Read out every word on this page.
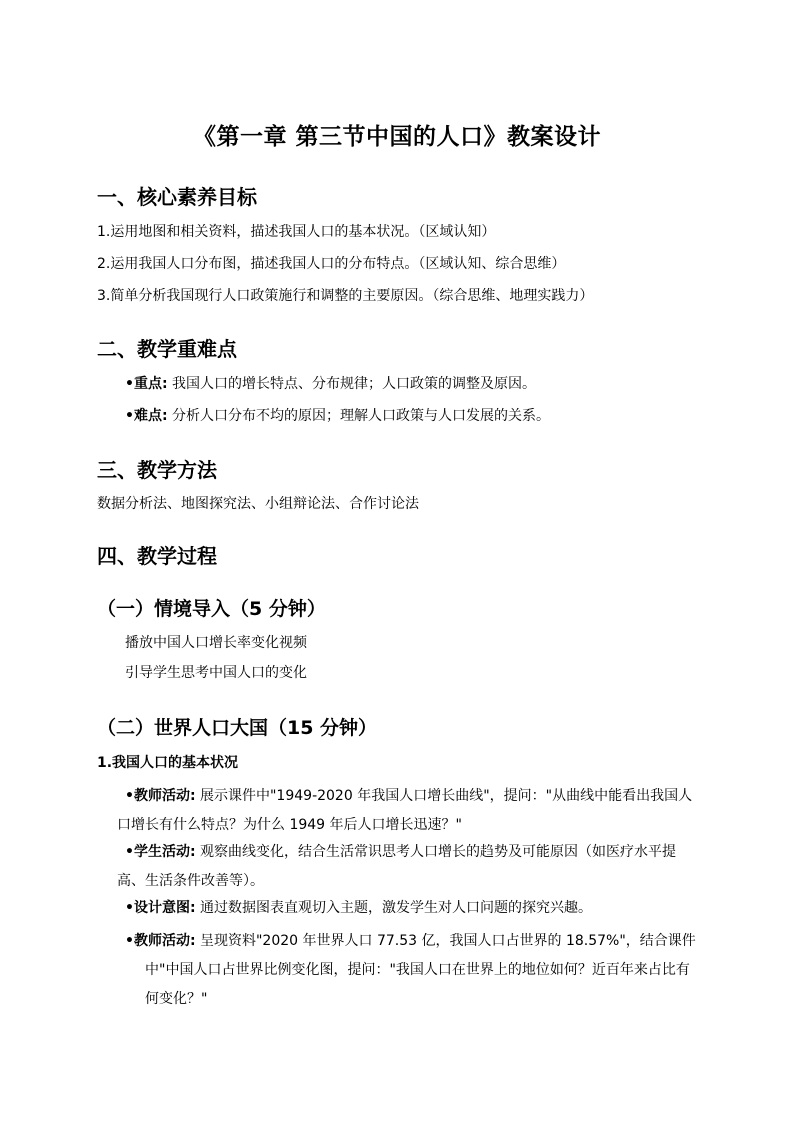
《第一章 第三节中国的人口》教案设计
一、核心素养目标
1.运用地图和相关资料，描述我国人口的基本状况。（区域认知）
2.运用我国人口分布图，描述我国人口的分布特点。（区域认知、综合思维）
3.简单分析我国现行人口政策施行和调整的主要原因。（综合思维、地理实践力）
二、教学重难点
•重点: 我国人口的增长特点、分布规律；人口政策的调整及原因。
•难点: 分析人口分布不均的原因；理解人口政策与人口发展的关系。
三、教学方法
数据分析法、地图探究法、小组辩论法、合作讨论法
四、教学过程
（一）情境导入（5 分钟）
播放中国人口增长率变化视频
引导学生思考中国人口的变化
（二）世界人口大国（15 分钟）
1.我国人口的基本状况
•教师活动: 展示课件中"1949-2020 年我国人口增长曲线"，提问："从曲线中能看出我国人口增长有什么特点？为什么 1949 年后人口增长迅速？"
•学生活动: 观察曲线变化，结合生活常识思考人口增长的趋势及可能原因（如医疗水平提高、生活条件改善等）。
•设计意图: 通过数据图表直观切入主题，激发学生对人口问题的探究兴趣。
•教师活动: 呈现资料"2020 年世界人口 77.53 亿，我国人口占世界的 18.57%"，结合课件中"中国人口占世界比例变化图，提问："我国人口在世界上的地位如何？近百年来占比有何变化？"
